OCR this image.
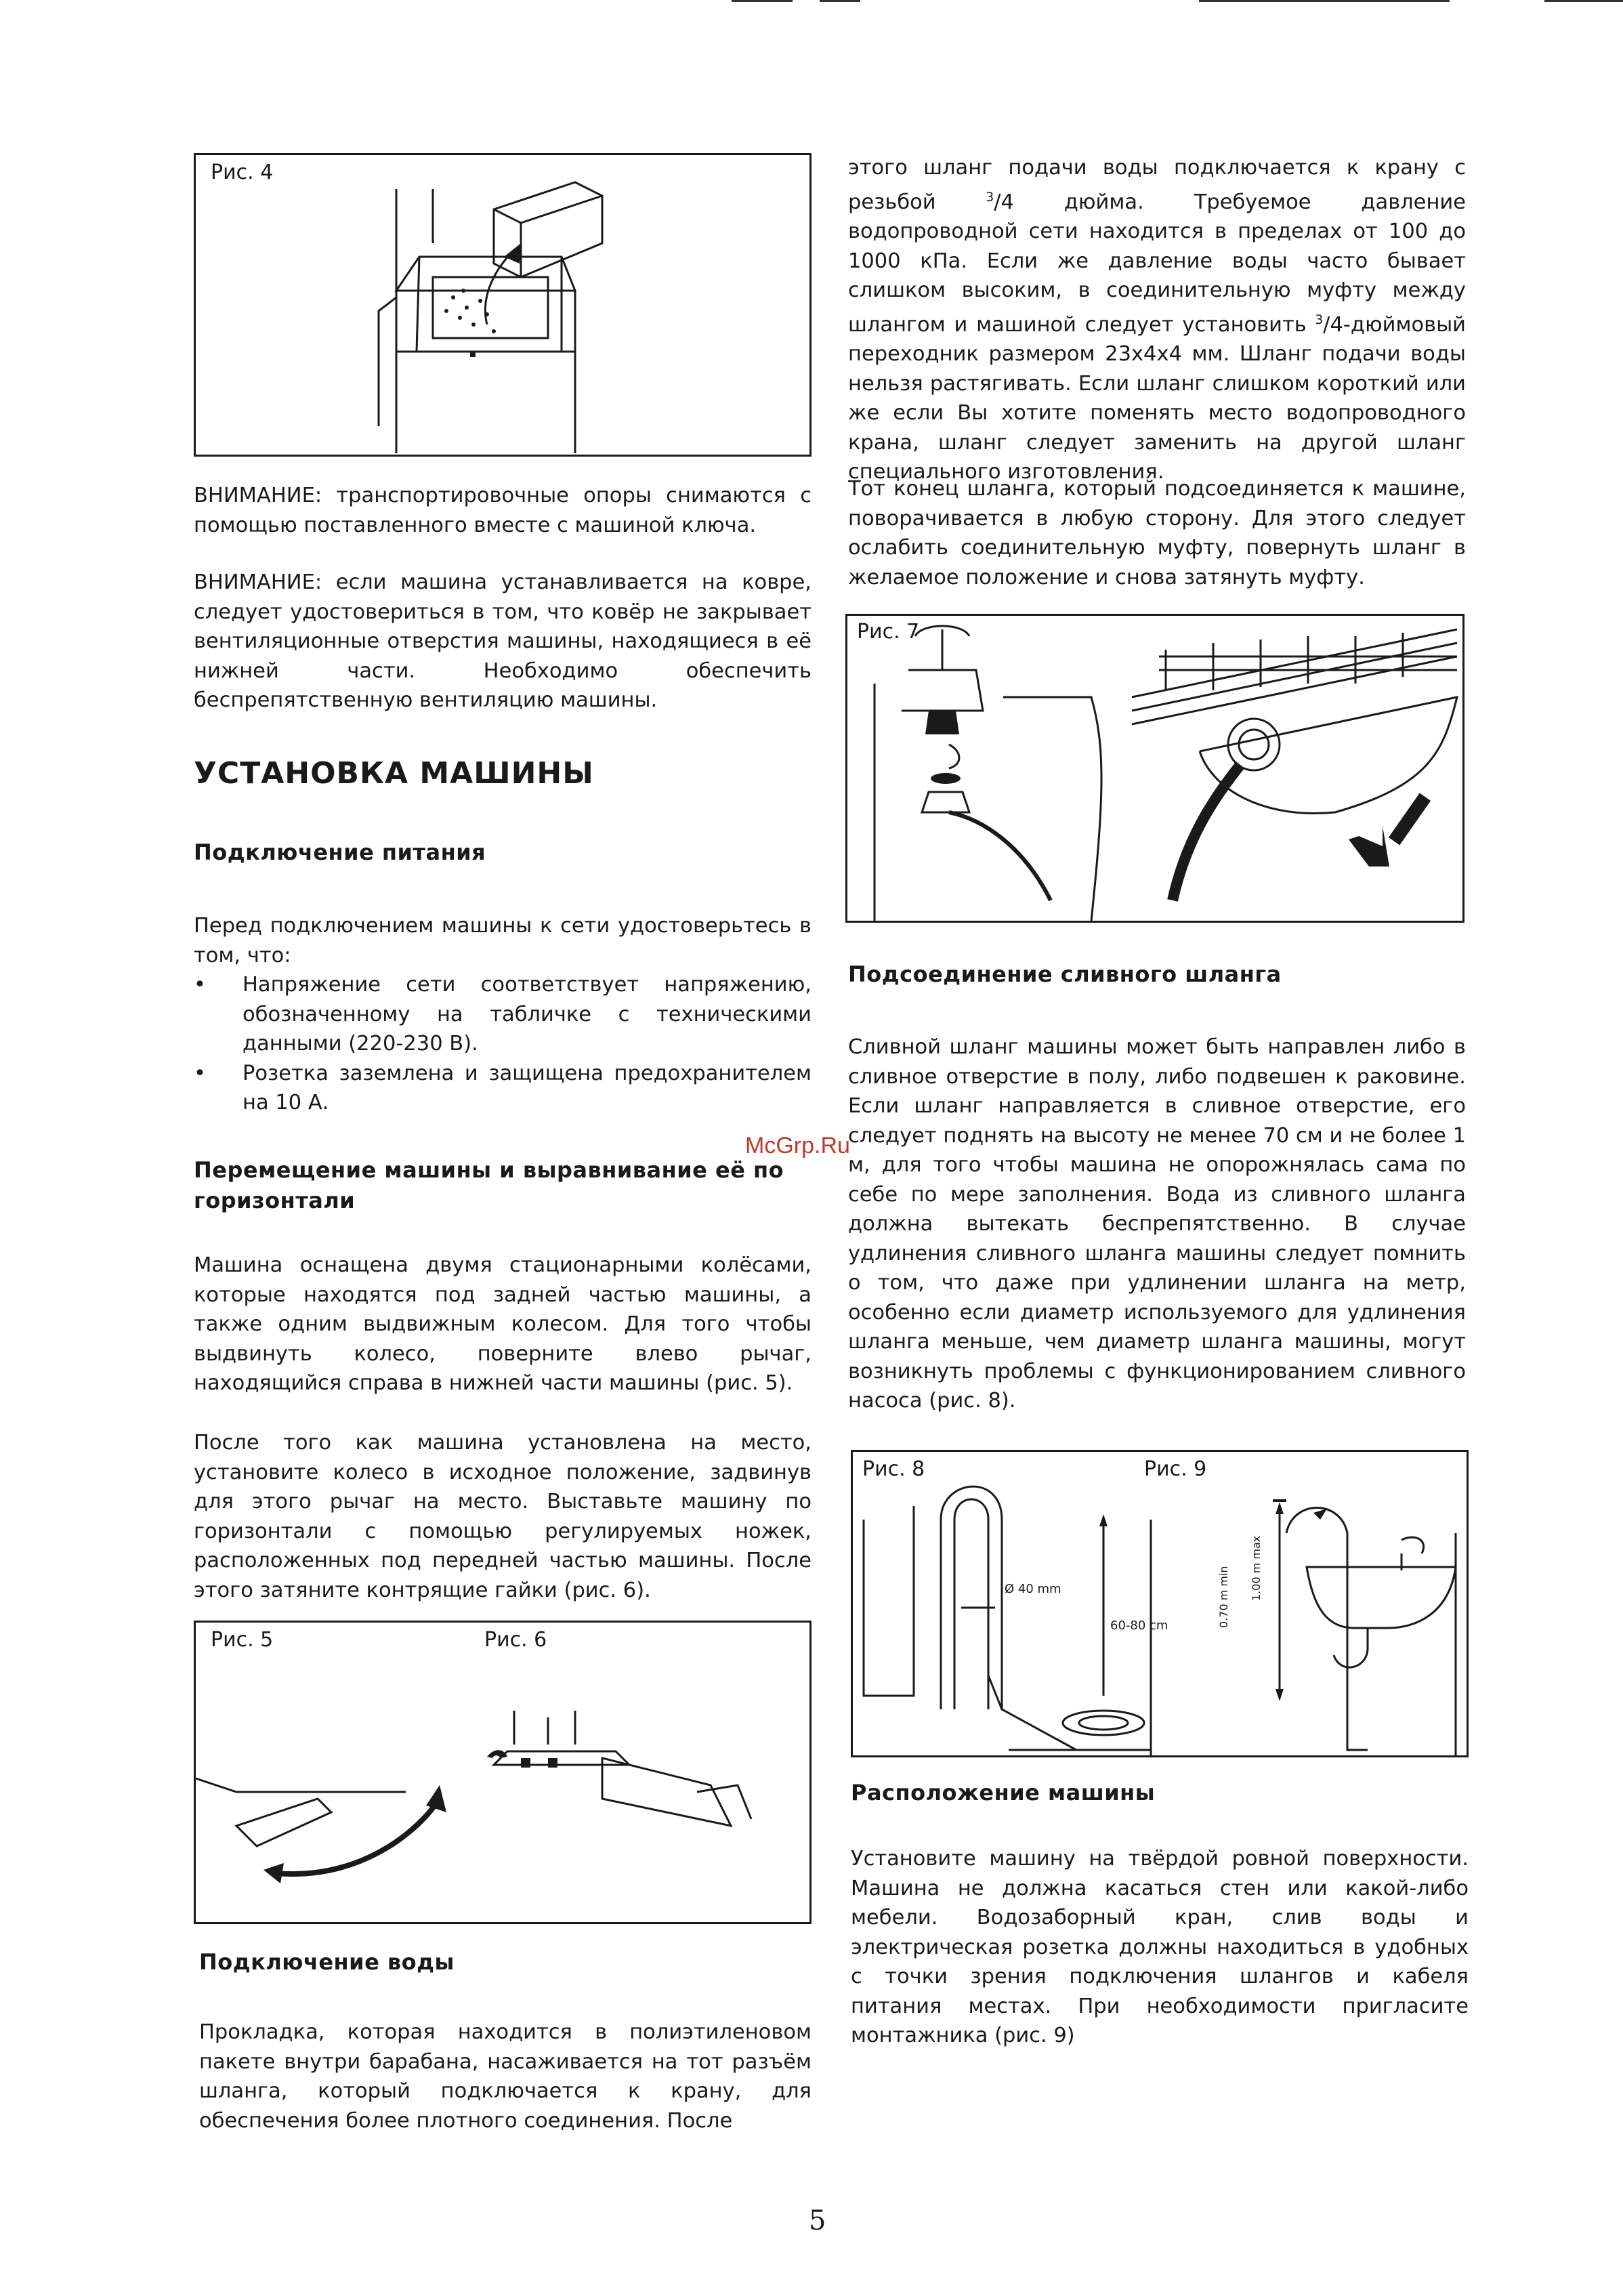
Рис. 4

ВНИМАНИЕ: транспортировочные опоры снимаются с помощью поставленного вместе с машиной ключа.

ВНИМАНИЕ: если машина устанавливается на ковре, следует удостовериться в том, что ковёр не закрывает вентиляционные отверстия машины, находящиеся в её нижней части. Необходимо обеспечить беспрепятственную вентиляцию машины.

УСТАНОВКА МАШИНЫ
Подключение питания

Перед подключением машины к сети удостоверьтесь в том, что:

• Напряжение сети соответствует напряжению, обозначенному на табличке с техническими данными (220-230 В).
• Розетка заземлена и защищена предохранителем на 10 А.
Перемещение машины и выравнивание её по горизонтали

Машина оснащена двумя стационарными колёсами, которые находятся под задней частью машины, а также одним выдвижным колесом. Для того чтобы выдвинуть колесо, поверните влево рычаг, находящийся справа в нижней части машины (рис. 5).

После того как машина установлена на место, установите колесо в исходное положение, задвинув для этого рычаг на место. Выставьте машину по горизонтали с помощью регулируемых ножек, расположенных под передней частью машины. После этого затяните контрящие гайки (рис. 6).

Рис. 5	Рис. 6
Подключение воды

Прокладка, которая находится в полиэтиленовом пакете внутри барабана, насаживается на тот разъём шланга, который подключается к крану, для обеспечения более плотного соединения. После

этого шланг подачи воды подключается к крану с резьбой	$^3$/4 дюйма. Требуемое давление водопроводной сети находится в пределах от 100 до 1000 кПа. Если же давление воды часто бывает слишком высоким, в соединительную муфту между шлангом и машиной следует установить $^3$/4-дюймовый переходник размером 23х4х4 мм. Шланг подачи воды нельзя растягивать. Если шланг слишком короткий или же если Вы хотите поменять место водопроводного крана, шланг следует заменить на другой шланг специального изготовления.

Тот конец шланга, который подсоединяется к машине, поворачивается в любую сторону. Для этого следует ослабить соединительную муфту, повернуть шланг в желаемое положение и снова затянуть муфту.

Рис. 7
Подсоединение сливного шланга

Сливной шланг машины может быть направлен либо в сливное отверстие в полу, либо подвешен к раковине. Если шланг направляется в сливное отверстие, его следует поднять на высоту не менее 70 см и не более 1 м, для того чтобы машина не опорожнялась сама по себе по мере заполнения. Вода из сливного шланга должна вытекать беспрепятственно. В случае удлинения сливного шланга машины следует помнить о том, что даже при удлинении шланга на метр, особенно если диаметр используемого для удлинения шланга меньше, чем диаметр шланга машины, могут возникнуть проблемы с функционированием сливного насоса (рис. 8).

Рис. 8	Рис. 9
Ø 40 mm
60-80 cm	0.70 m min 1.00 m max
Расположение машины

Установите машину на твёрдой ровной поверхности. Машина не должна касаться стен или какой-либо мебели. Водозаборный кран, слив воды и электрическая розетка должны находиться в удобных с точки зрения подключения шлангов и кабеля питания местах. При необходимости пригласите монтажника (рис. 9)

McGrp.Ru
5
